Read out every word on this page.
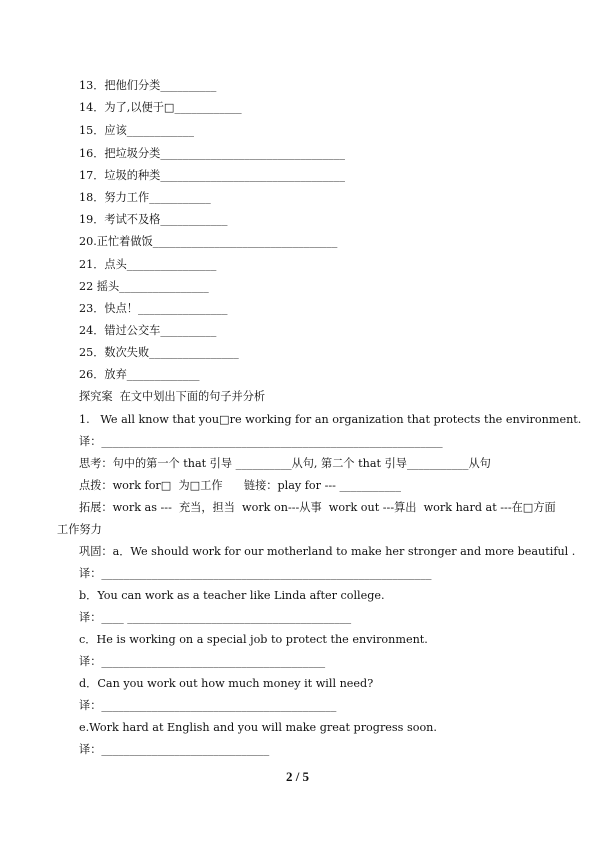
13．把他们分类__________
14．为了,以便于□____________
15．应该____________
16．把垃圾分类_________________________________
17．垃圾的种类_________________________________
18．努力工作___________
19．考试不及格____________
20.正忙着做饭_________________________________
21．点头________________
22 摇头________________
23．快点！________________
24．错过公交车__________
25．数次失败________________
26．放弃_____________
探究案  在文中划出下面的句子并分析
1.   We all know that you□re working for an organization that protects the environment.
译：_____________________________________________________________
思考：句中的第一个 that 引导 __________从句, 第二个 that 引导___________从句
点拨：work for□  为□工作      链接：play for --- ___________
拓展：work as ---  充当，担当  work on---从事  work out ---算出  work hard at ---在□方面
工作努力
巩固：a．We should work for our motherland to make her stronger and more beautiful .
译：___________________________________________________________
b．You can work as a teacher like Linda after college.
译：____ ________________________________________
c．He is working on a special job to protect the environment.
译：________________________________________
d．Can you work out how much money it will need?
译：__________________________________________
e.Work hard at English and you will make great progress soon.
译：______________________________
2 / 5
